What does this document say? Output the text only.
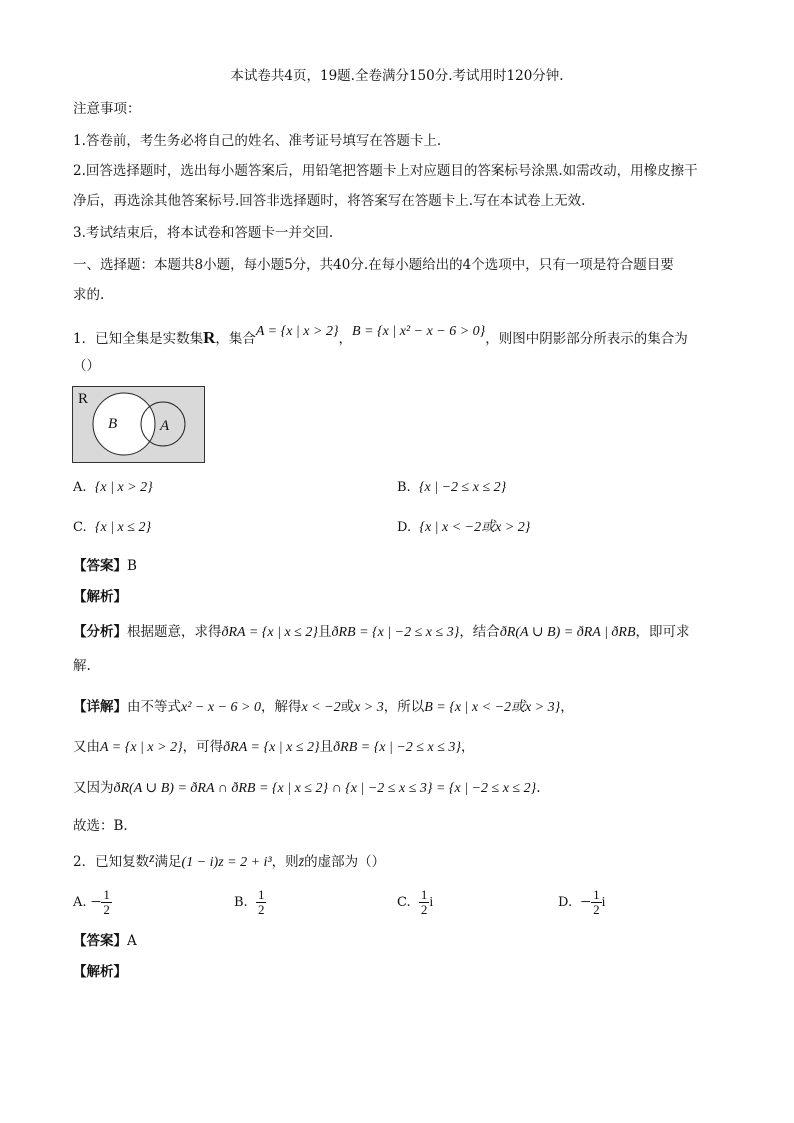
本试卷共4页，19题.全卷满分150分.考试用时120分钟.
注意事项：
1.答卷前，考生务必将自己的姓名、准考证号填写在答题卡上.
2.回答选择题时，选出每小题答案后，用铅笔把答题卡上对应题目的答案标号涂黑.如需改动，用橡皮擦干
净后，再选涂其他答案标号.回答非选择题时，将答案写在答题卡上.写在本试卷上无效.
3.考试结束后，将本试卷和答题卡一并交回.
一、选择题：本题共8小题，每小题5分，共40分.在每小题给出的4个选项中，只有一项是符合题目要
求的.
1．已知全集是实数集R，集合A = {x | x > 2}，B = {x | x² − x − 6 > 0}，则图中阴影部分所表示的集合为
（）
R
B	A
A. {x | x > 2}	B. {x | −2 ≤ x ≤ 2}
C. {x | x ≤ 2}	D. {x | x < −2或x > 2}
【答案】B
【解析】
【分析】根据题意，求得ðRA = {x | x ≤ 2}且ðRB = {x | −2 ≤ x ≤ 3}，结合ðR(A ∪ B) = ðRA | ðRB，即可求
解.
【详解】由不等式x² − x − 6 > 0，解得x < −2或x > 3，所以B = {x | x < −2或x > 3}，
又由A = {x | x > 2}，可得ðRA = {x | x ≤ 2}且ðRB = {x | −2 ≤ x ≤ 3}，
又因为ðR(A ∪ B) = ðRA ∩ ðRB = {x | x ≤ 2} ∩ {x | −2 ≤ x ≤ 3} = {x | −2 ≤ x ≤ 2}.
故选：B.
2．已知复数z满足(1 − i)z = 2 + i³，则z̄的虚部为（）
A. − $\frac{1}{2}$	B. $\frac{1}{2}$	C. $\frac{1}{2}$ i	D. − $\frac{1}{2}$ i
【答案】A
【解析】
